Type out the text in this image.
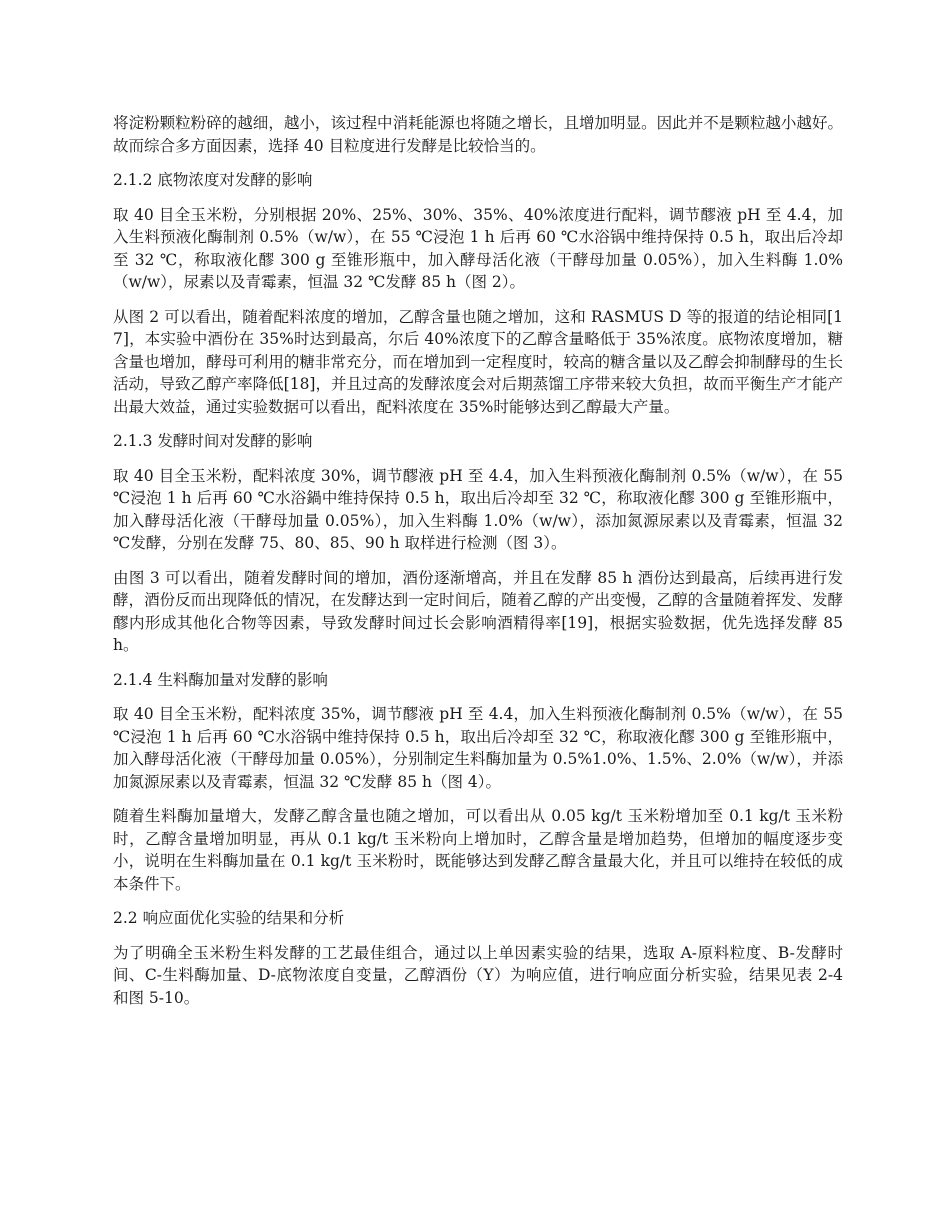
将淀粉颗粒粉碎的越细，越小，该过程中消耗能源也将随之增长，且增加明显。因此并不是颗粒越小越好。故而综合多方面因素，选择 40 目粒度进行发酵是比较恰当的。

2.1.2 底物浓度对发酵的影响

取 40 目全玉米粉，分别根据 20%、25%、30%、35%、40%浓度进行配料，调节醪液 pH 至 4.4，加入生料预液化酶制剂 0.5%（w/w），在 55 ℃浸泡 1 h 后再 60 ℃水浴锅中维持保持 0.5 h，取出后冷却至 32 ℃，称取液化醪 300 g 至锥形瓶中，加入酵母活化液（干酵母加量 0.05%），加入生料酶 1.0%（w/w），尿素以及青霉素，恒温 32 ℃发酵 85 h（图 2）。

从图 2 可以看出，随着配料浓度的增加，乙醇含量也随之增加，这和 RASMUS D 等的报道的结论相同[17]，本实验中酒份在 35%时达到最高，尔后 40%浓度下的乙醇含量略低于 35%浓度。底物浓度增加，糖含量也增加，酵母可利用的糖非常充分，而在增加到一定程度时，较高的糖含量以及乙醇会抑制酵母的生长活动，导致乙醇产率降低[18]，并且过高的发酵浓度会对后期蒸馏工序带来较大负担，故而平衡生产才能产出最大效益，通过实验数据可以看出，配料浓度在 35%时能够达到乙醇最大产量。

2.1.3 发酵时间对发酵的影响

取 40 目全玉米粉，配料浓度 30%，调节醪液 pH 至 4.4，加入生料预液化酶制剂 0.5%（w/w），在 55 ℃浸泡 1 h 后再 60 ℃水浴鍋中维持保持 0.5 h，取出后冷却至 32 ℃，称取液化醪 300 g 至锥形瓶中，加入酵母活化液（干酵母加量 0.05%），加入生料酶 1.0%（w/w），添加氮源尿素以及青霉素，恒温 32 ℃发酵，分别在发酵 75、80、85、90 h 取样进行检测（图 3）。

由图 3 可以看出，随着发酵时间的增加，酒份逐渐增高，并且在发酵 85 h 酒份达到最高，后续再进行发酵，酒份反而出现降低的情况，在发酵达到一定时间后，随着乙醇的产出变慢，乙醇的含量随着挥发、发酵醪内形成其他化合物等因素，导致发酵时间过长会影响酒精得率[19]，根据实验数据，优先选择发酵 85 h。

2.1.4 生料酶加量对发酵的影响

取 40 目全玉米粉，配料浓度 35%，调节醪液 pH 至 4.4，加入生料预液化酶制剂 0.5%（w/w），在 55 ℃浸泡 1 h 后再 60 ℃水浴锅中维持保持 0.5 h，取出后冷却至 32 ℃，称取液化醪 300 g 至锥形瓶中，加入酵母活化液（干酵母加量 0.05%），分别制定生料酶加量为 0.5%1.0%、1.5%、2.0%（w/w），并添加氮源尿素以及青霉素，恒温 32 ℃发酵 85 h（图 4）。

随着生料酶加量增大，发酵乙醇含量也随之增加，可以看出从 0.05 kg/t 玉米粉增加至 0.1 kg/t 玉米粉时，乙醇含量增加明显，再从 0.1 kg/t 玉米粉向上增加时，乙醇含量是增加趋势，但增加的幅度逐步变小，说明在生料酶加量在 0.1 kg/t 玉米粉时，既能够达到发酵乙醇含量最大化，并且可以维持在较低的成本条件下。

2.2 响应面优化实验的结果和分析

为了明确全玉米粉生料发酵的工艺最佳组合，通过以上单因素实验的结果，选取 A-原料粒度、B-发酵时间、C-生料酶加量、D-底物浓度自变量，乙醇酒份（Y）为响应值，进行响应面分析实验，结果见表 2-4 和图 5-10。
